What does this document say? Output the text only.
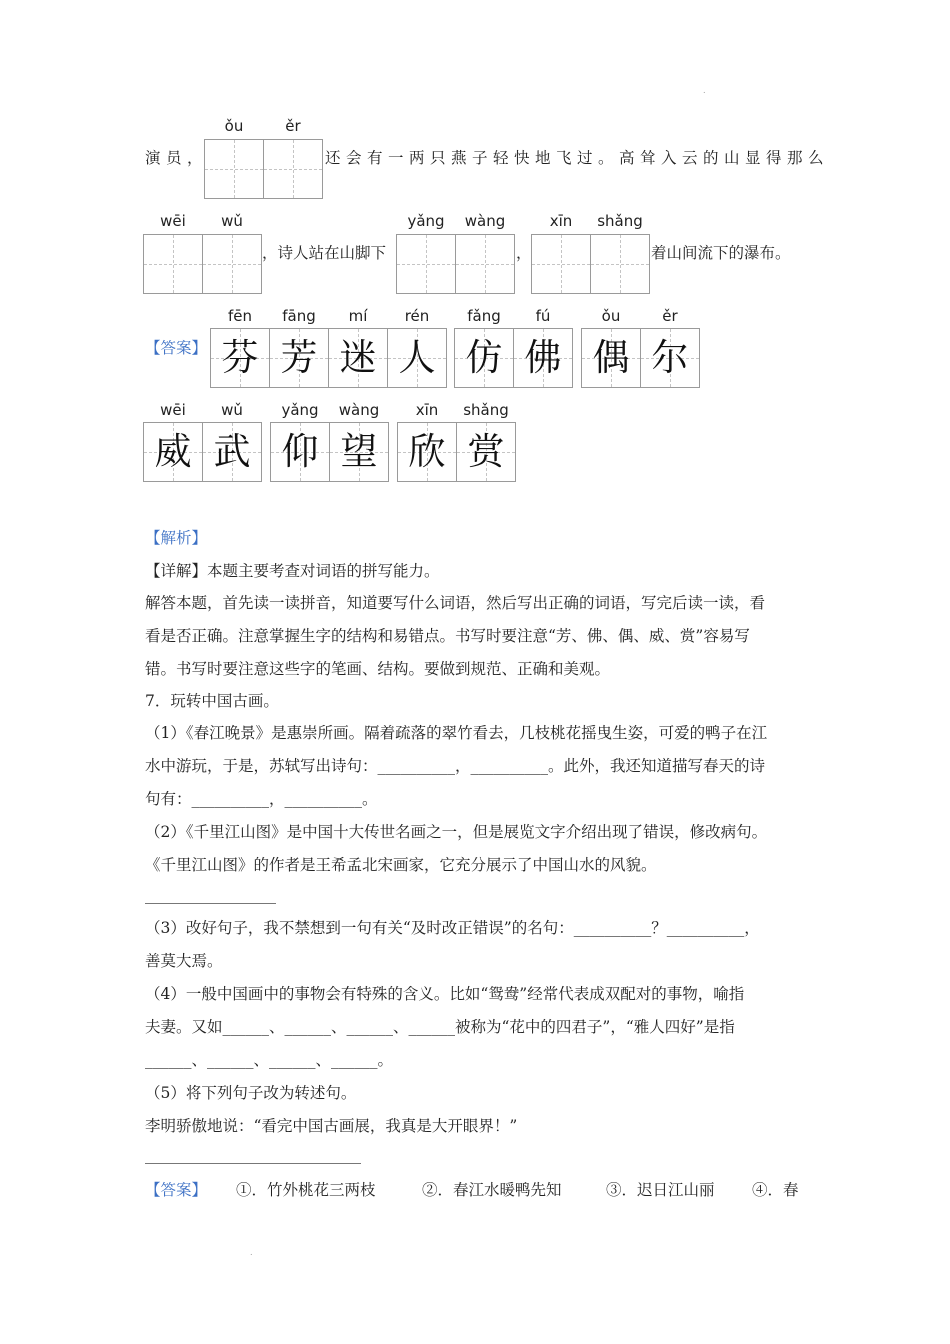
.
ǒu	ěr
演员，	还会有一两只燕子轻快地飞过。高耸入云的山显得那么
wēi	wǔ	yǎng	wàng	xīn	shǎng
，诗人站在山脚下	，	着山间流下的瀑布。
【答案】
fēn	fāng	mí	rén	fǎng	fú	ǒu	ěr
芬 芳 迷 人 仿 佛 偶 尔
wēi	wǔ	yǎng	wàng	xīn	shǎng
威 武 仰 望 欣 赏
【解析】
【详解】本题主要考查对词语的拼写能力。
解答本题，首先读一读拼音，知道要写什么词语，然后写出正确的词语，写完后读一读，看
看是否正确。注意掌握生字的结构和易错点。书写时要注意“芳、佛、偶、威、赏”容易写
错。书写时要注意这些字的笔画、结构。要做到规范、正确和美观。
7．玩转中国古画。
（1）《春江晚景》是惠崇所画。隔着疏落的翠竹看去，几枝桃花摇曳生姿，可爱的鸭子在江
水中游玩，于是，苏轼写出诗句：__________，__________。此外，我还知道描写春天的诗
句有：__________，__________。
（2）《千里江山图》是中国十大传世名画之一，但是展览文字介绍出现了错误，修改病句。
《千里江山图》的作者是王希孟北宋画家，它充分展示了中国山水的风貌。
（3）改好句子，我不禁想到一句有关“及时改正错误”的名句：__________？__________，
善莫大焉。
（4）一般中国画中的事物会有特殊的含义。比如“鸳鸯”经常代表成双配对的事物，喻指
夫妻。又如______、______、______、______被称为“花中的四君子”，“雅人四好”是指
______、______、______、______。
（5）将下列句子改为转述句。
李明骄傲地说：“看完中国古画展，我真是大开眼界！”
【答案】 ①．竹外桃花三两枝	②．春江水暖鸭先知	③．迟日江山丽 ④．春
.
